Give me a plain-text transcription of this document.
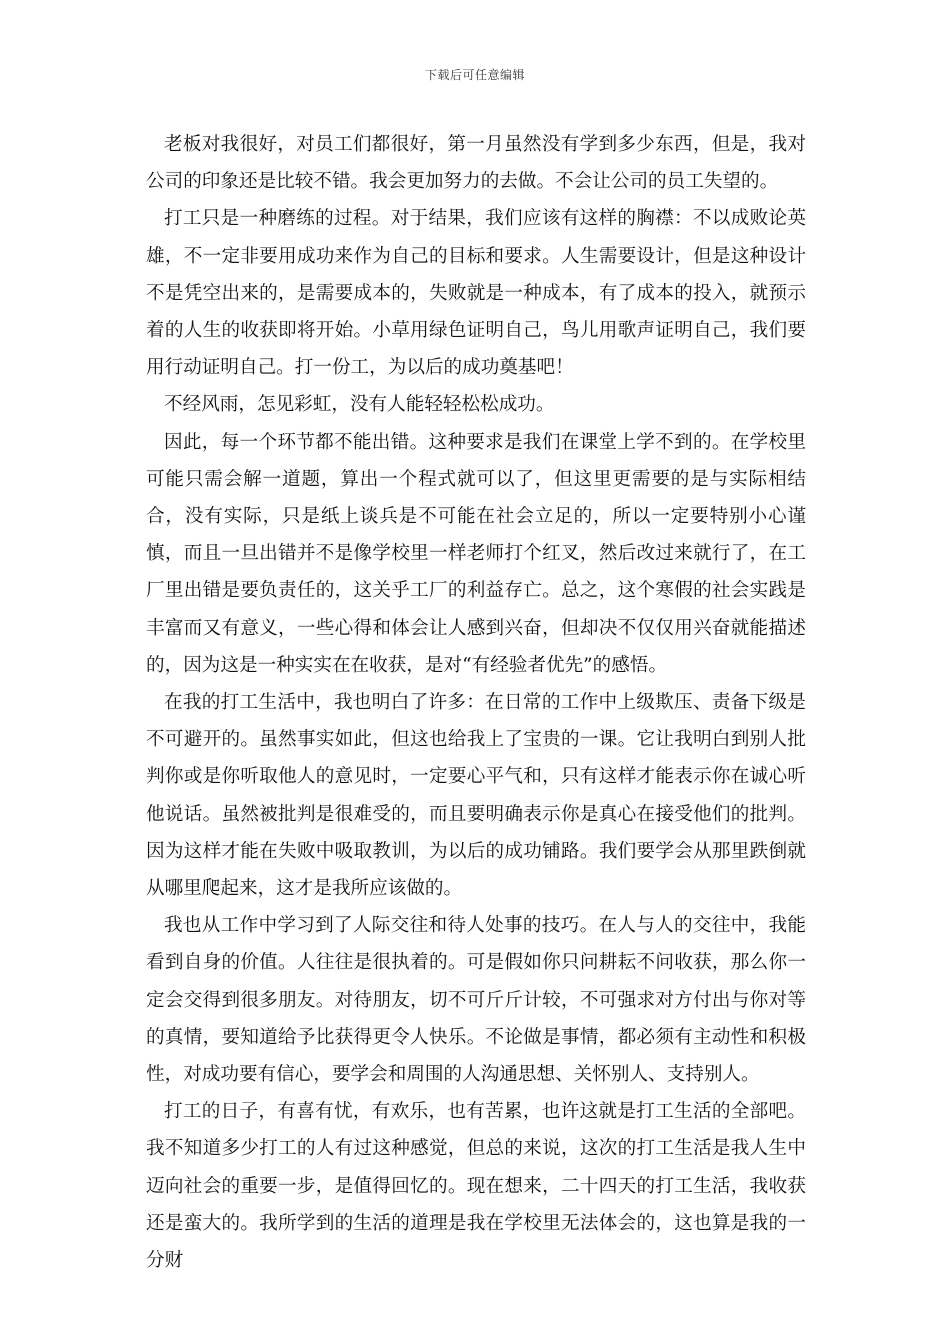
下载后可任意编辑

老板对我很好，对员工们都很好，第一月虽然没有学到多少东西，但是，我对公司的印象还是比较不错。我会更加努力的去做。不会让公司的员工失望的。

打工只是一种磨练的过程。对于结果，我们应该有这样的胸襟：不以成败论英雄，不一定非要用成功来作为自己的目标和要求。人生需要设计，但是这种设计不是凭空出来的，是需要成本的，失败就是一种成本，有了成本的投入，就预示着的人生的收获即将开始。小草用绿色证明自己，鸟儿用歌声证明自己，我们要用行动证明自己。打一份工，为以后的成功奠基吧！

不经风雨，怎见彩虹，没有人能轻轻松松成功。

因此，每一个环节都不能出错。这种要求是我们在课堂上学不到的。在学校里可能只需会解一道题，算出一个程式就可以了，但这里更需要的是与实际相结合，没有实际，只是纸上谈兵是不可能在社会立足的，所以一定要特别小心谨慎，而且一旦出错并不是像学校里一样老师打个红叉，然后改过来就行了，在工厂里出错是要负责任的，这关乎工厂的利益存亡。总之，这个寒假的社会实践是丰富而又有意义，一些心得和体会让人感到兴奋，但却决不仅仅用兴奋就能描述的，因为这是一种实实在在收获，是对“有经验者优先”的感悟。

在我的打工生活中，我也明白了许多：在日常的工作中上级欺压、责备下级是不可避开的。虽然事实如此，但这也给我上了宝贵的一课。它让我明白到别人批判你或是你听取他人的意见时，一定要心平气和，只有这样才能表示你在诚心听他说话。虽然被批判是很难受的，而且要明确表示你是真心在接受他们的批判。因为这样才能在失败中吸取教训，为以后的成功铺路。我们要学会从那里跌倒就从哪里爬起来，这才是我所应该做的。

我也从工作中学习到了人际交往和待人处事的技巧。在人与人的交往中，我能看到自身的价值。人往往是很执着的。可是假如你只问耕耘不问收获，那么你一定会交得到很多朋友。对待朋友，切不可斤斤计较，不可强求对方付出与你对等的真情，要知道给予比获得更令人快乐。不论做是事情，都必须有主动性和积极性，对成功要有信心，要学会和周围的人沟通思想、关怀别人、支持别人。

打工的日子，有喜有忧，有欢乐，也有苦累，也许这就是打工生活的全部吧。我不知道多少打工的人有过这种感觉，但总的来说，这次的打工生活是我人生中迈向社会的重要一步，是值得回忆的。现在想来，二十四天的打工生活，我收获还是蛮大的。我所学到的生活的道理是我在学校里无法体会的，这也算是我的一分财
